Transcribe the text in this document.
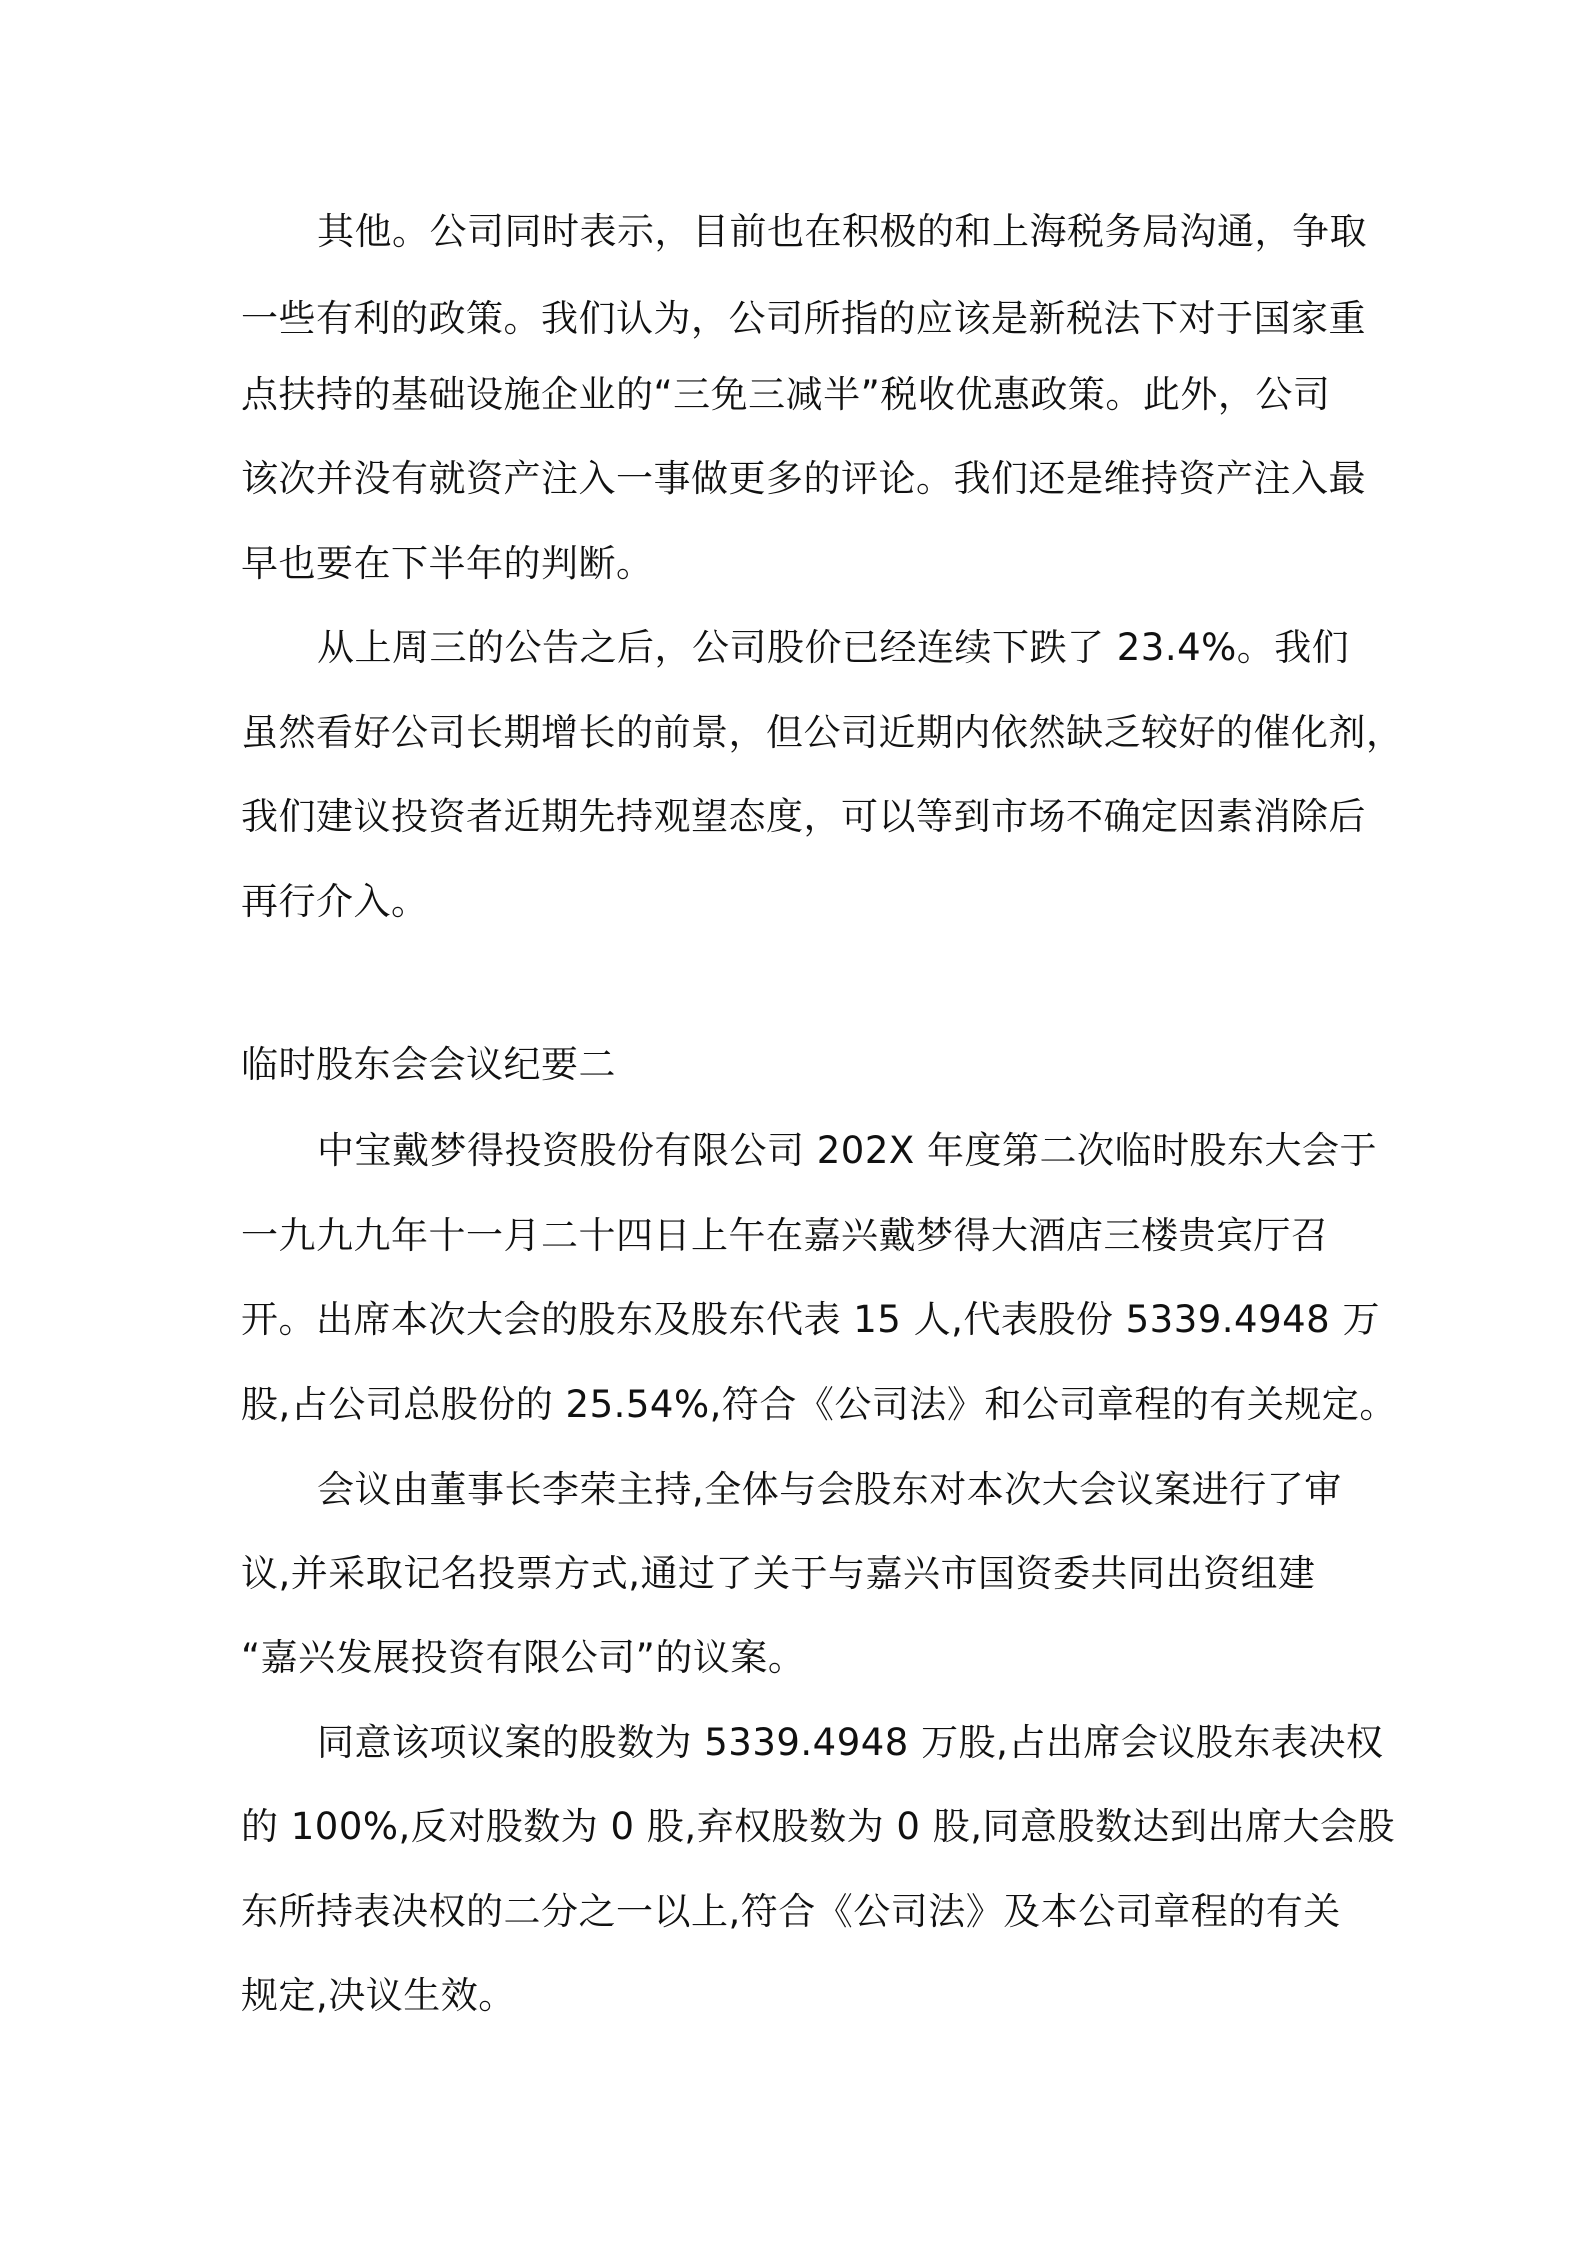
其他。公司同时表示，目前也在积极的和上海税务局沟通，争取
一些有利的政策。我们认为，公司所指的应该是新税法下对于国家重
点扶持的基础设施企业的“三免三减半”税收优惠政策。此外，公司
该次并没有就资产注入一事做更多的评论。我们还是维持资产注入最
早也要在下半年的判断。
从上周三的公告之后，公司股价已经连续下跌了 23.4%。我们
虽然看好公司长期增长的前景，但公司近期内依然缺乏较好的催化剂，
我们建议投资者近期先持观望态度，可以等到市场不确定因素消除后
再行介入。
临时股东会会议纪要二
中宝戴梦得投资股份有限公司 202X 年度第二次临时股东大会于
一九九九年十一月二十四日上午在嘉兴戴梦得大酒店三楼贵宾厅召
开。出席本次大会的股东及股东代表 15 人,代表股份 5339.4948 万
股,占公司总股份的 25.54%,符合《公司法》和公司章程的有关规定。
会议由董事长李荣主持,全体与会股东对本次大会议案进行了审
议,并采取记名投票方式,通过了关于与嘉兴市国资委共同出资组建
“嘉兴发展投资有限公司”的议案。
同意该项议案的股数为 5339.4948 万股,占出席会议股东表决权
的 100%,反对股数为 0 股,弃权股数为 0 股,同意股数达到出席大会股
东所持表决权的二分之一以上,符合《公司法》及本公司章程的有关
规定,决议生效。
